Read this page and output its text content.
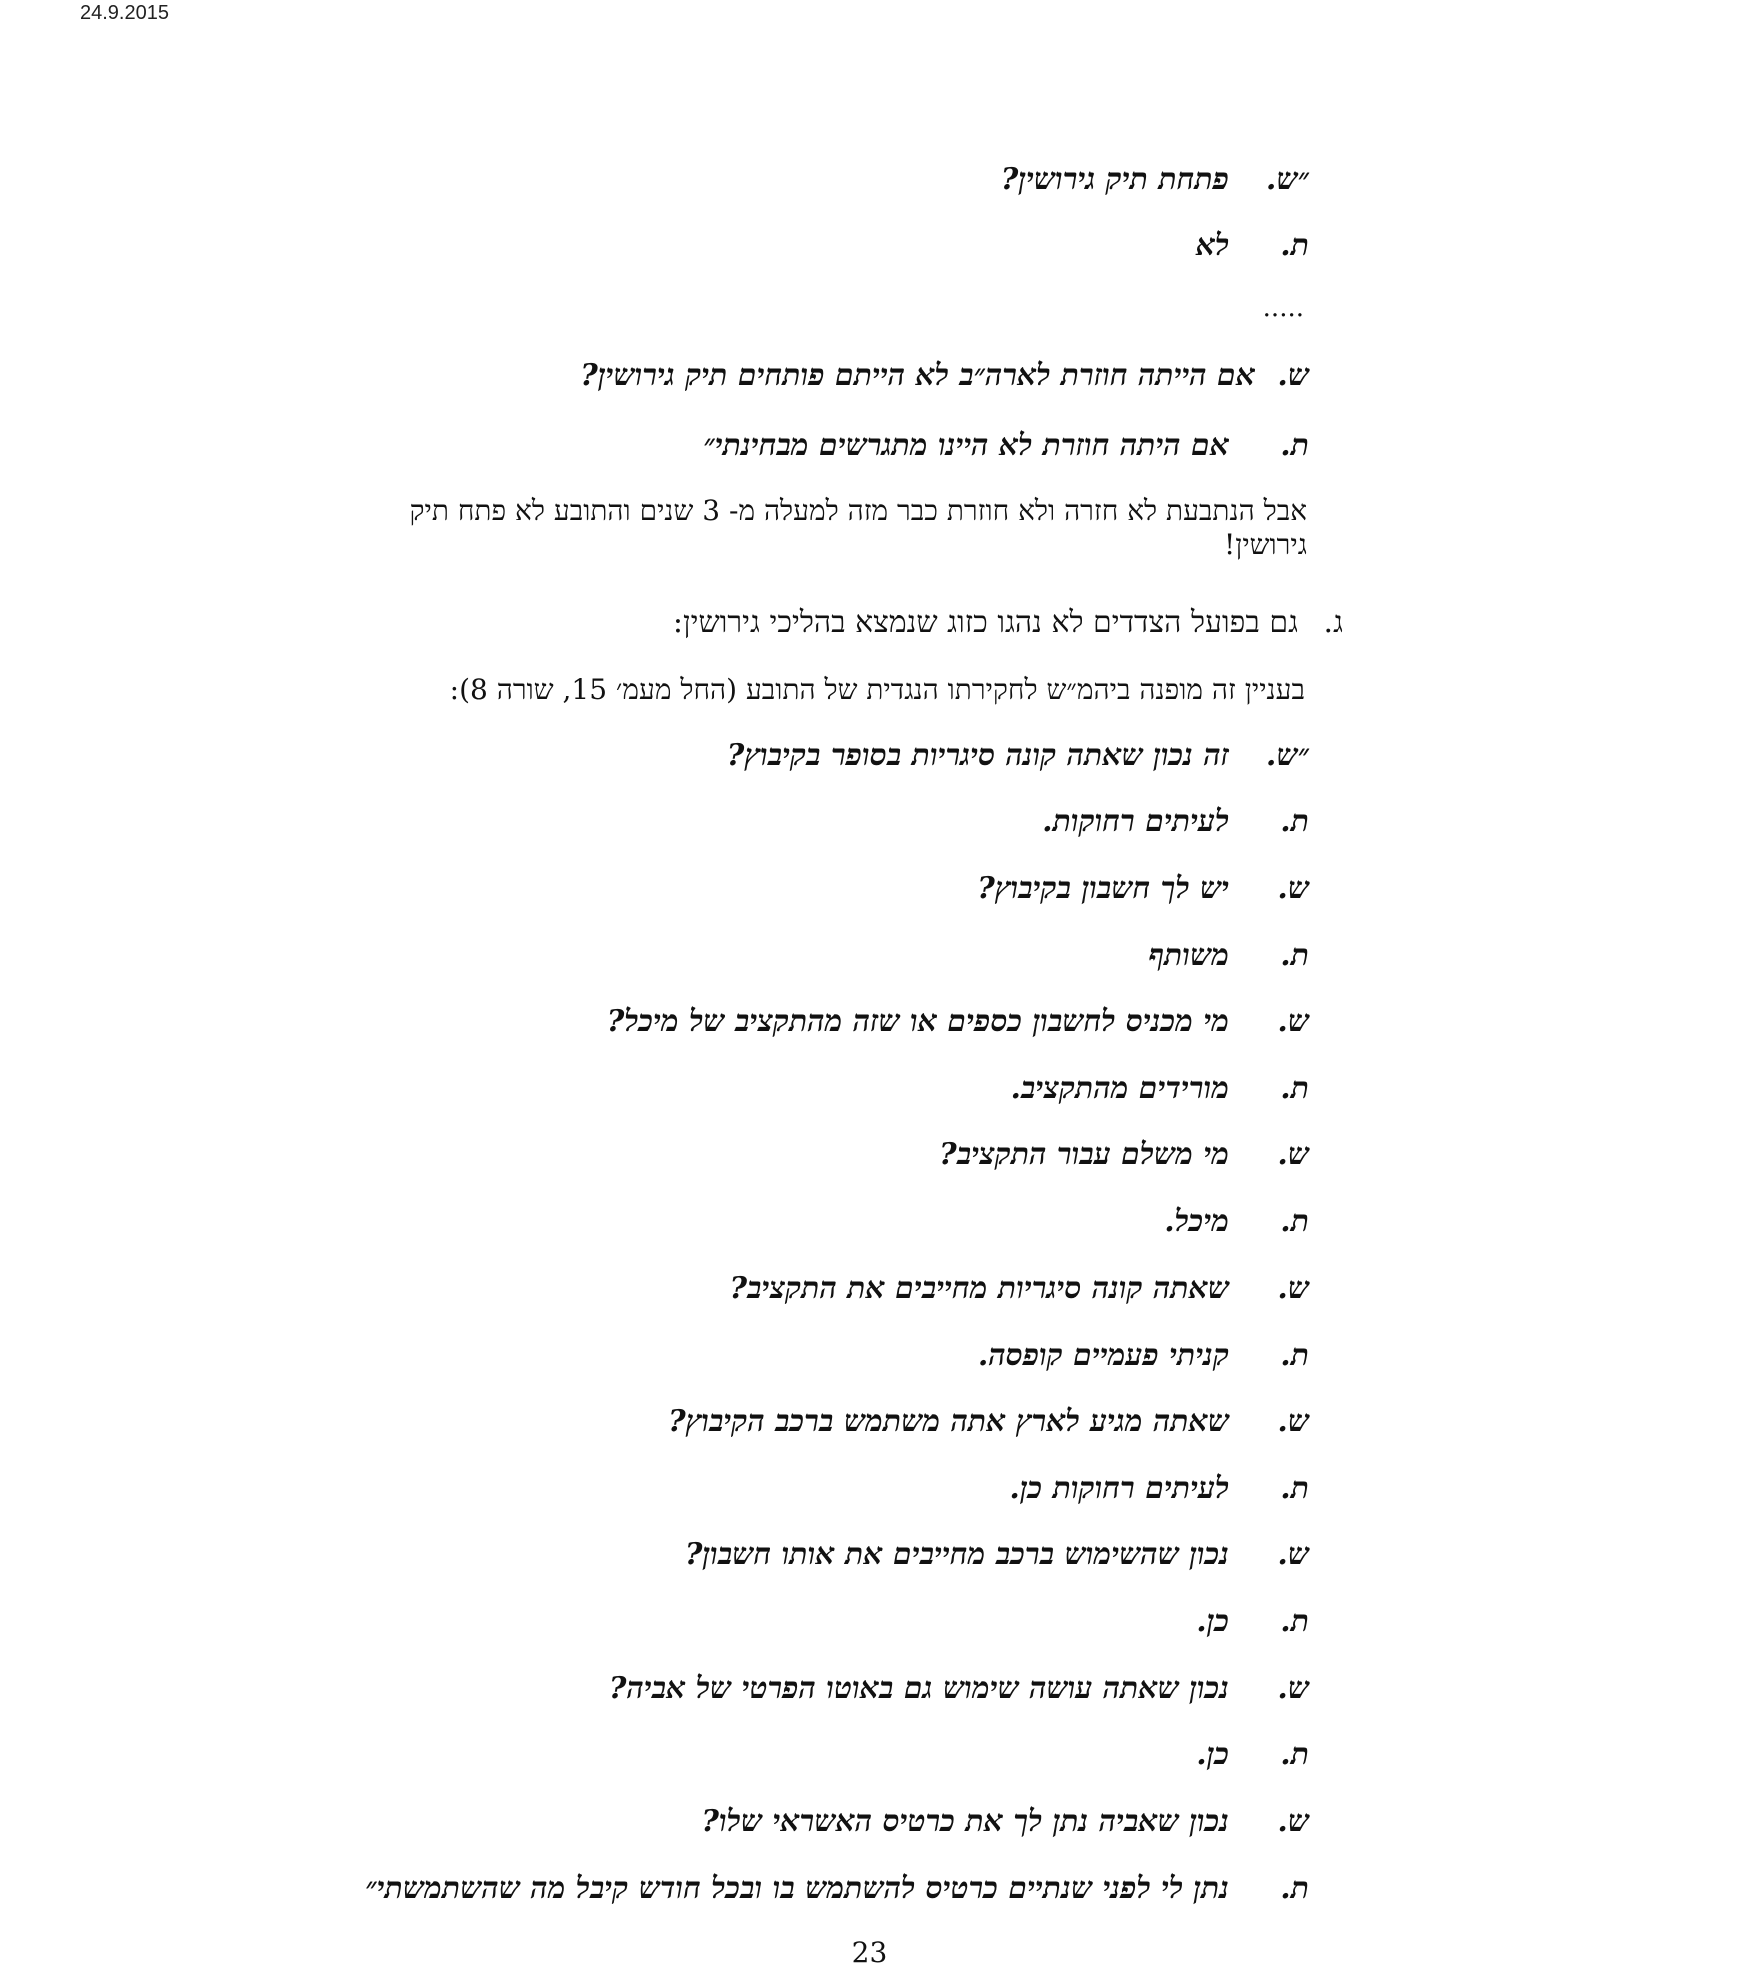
24.9.2015
״ש.פתחת תיק גירושין?
ת.לא
.....
ש.אם הייתה חוזרת לארה״ב לא הייתם פותחים תיק גירושין?
ת.אם היתה חוזרת לא היינו מתגרשים מבחינתי״
אבל הנתבעת לא חזרה ולא חוזרת כבר מזה למעלה מ- 3 שנים והתובע לא פתח תיק
גירושין!
ג. גם בפועל הצדדים לא נהגו כזוג שנמצא בהליכי גירושין:
בעניין זה מופנה ביהמ״ש לחקירתו הנגדית של התובע (החל מעמ׳ 15, שורה 8):
״ש.זה נכון שאתה קונה סיגריות בסופר בקיבוץ?
ת.לעיתים רחוקות.
ש.יש לך חשבון בקיבוץ?
ת.משותף
ש.מי מכניס לחשבון כספים או שזה מהתקציב של מיכל?
ת.מורידים מהתקציב.
ש.מי משלם עבור התקציב?
ת.מיכל.
ש.שאתה קונה סיגריות מחייבים את התקציב?
ת.קניתי פעמיים קופסה.
ש.שאתה מגיע לארץ אתה משתמש ברכב הקיבוץ?
ת.לעיתים רחוקות כן.
ש.נכון שהשימוש ברכב מחייבים את אותו חשבון?
ת.כן.
ש.נכון שאתה עושה שימוש גם באוטו הפרטי של אביה?
ת.כן.
ש.נכון שאביה נתן לך את כרטיס האשראי שלו?
ת.נתן לי לפני שנתיים כרטיס להשתמש בו ובכל חודש קיבל מה שהשתמשתי״
23
